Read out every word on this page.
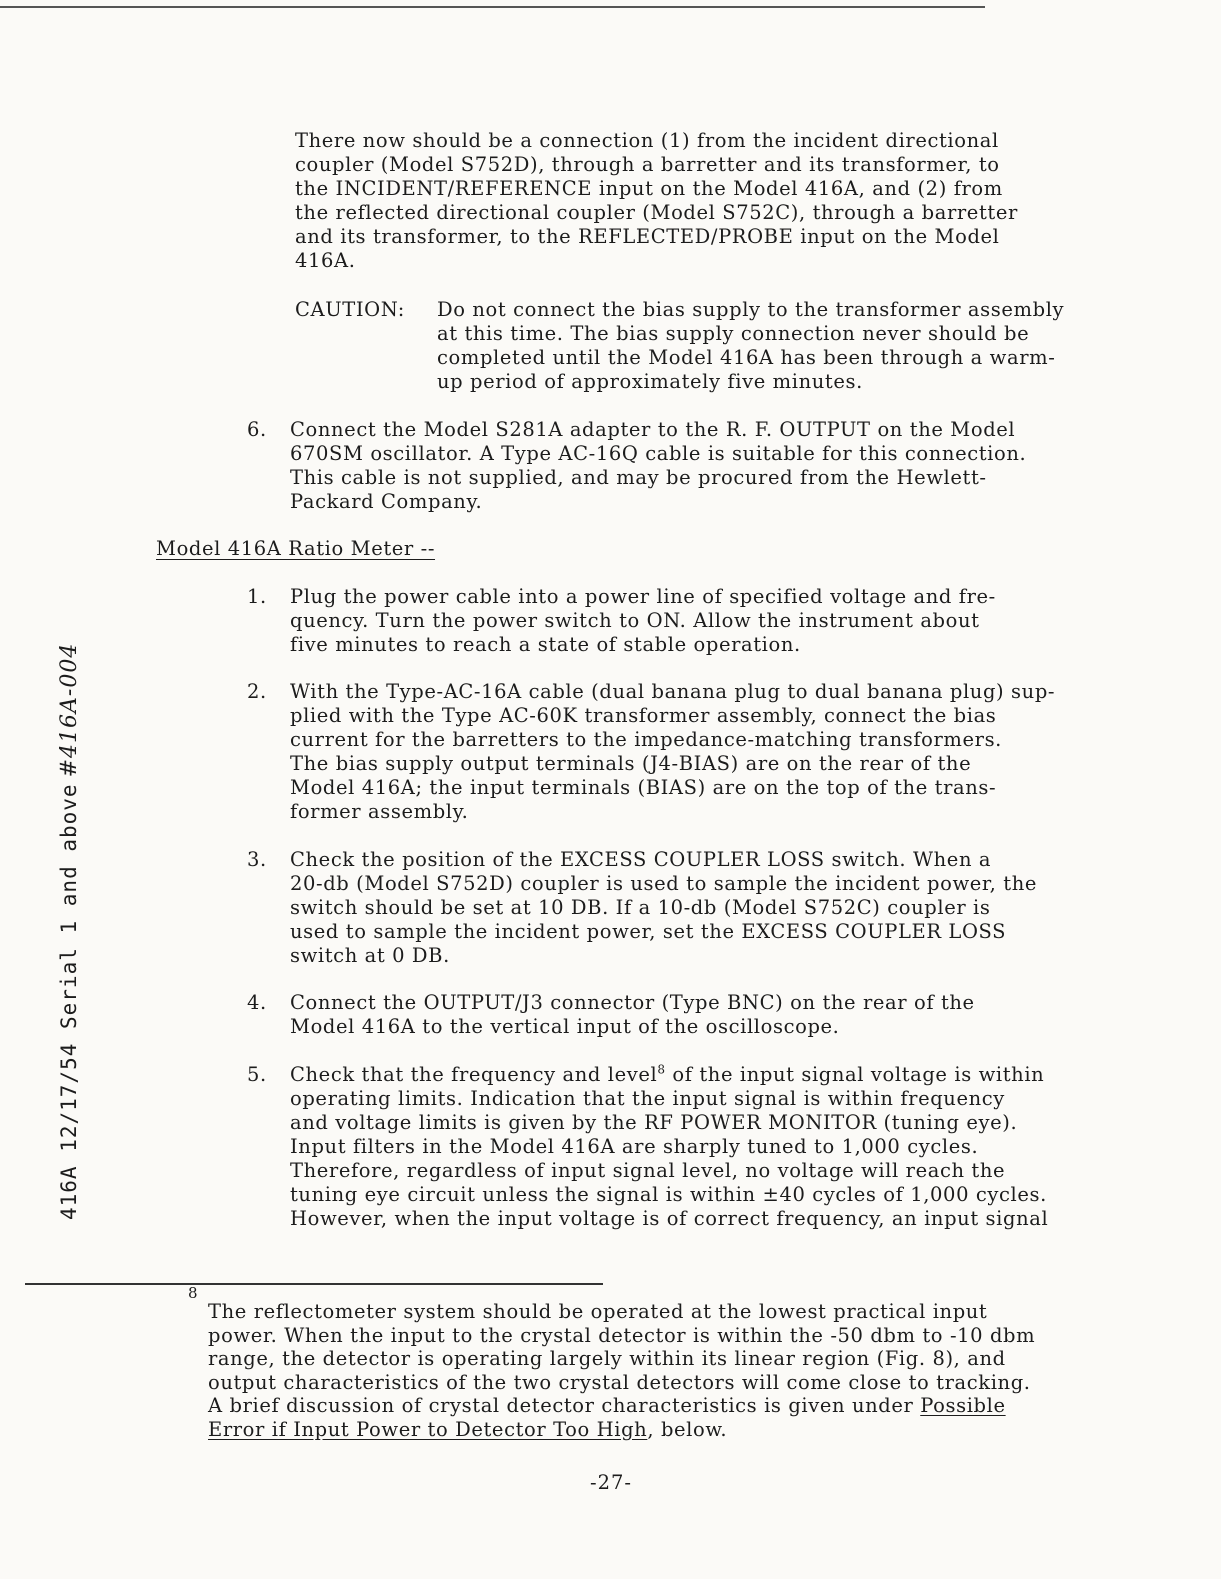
There now should be a connection (1) from the incident directional
coupler (Model S752D), through a barretter and its transformer, to
the INCIDENT/REFERENCE input on the Model 416A, and (2) from
the reflected directional coupler (Model S752C), through a barretter
and its transformer, to the REFLECTED/PROBE input on the Model
416A.
CAUTION: Do not connect the bias supply to the transformer assembly
at this time. The bias supply connection never should be
completed until the Model 416A has been through a warm-
up period of approximately five minutes.
6. Connect the Model S281A adapter to the R. F. OUTPUT on the Model
670SM oscillator. A Type AC-16Q cable is suitable for this connection.
This cable is not supplied, and may be procured from the Hewlett-
Packard Company.
Model 416A Ratio Meter --
1. Plug the power cable into a power line of specified voltage and fre-
quency. Turn the power switch to ON. Allow the instrument about
five minutes to reach a state of stable operation.
2. With the Type-AC-16A cable (dual banana plug to dual banana plug) sup-
plied with the Type AC-60K transformer assembly, connect the bias
current for the barretters to the impedance-matching transformers.
The bias supply output terminals (J4-BIAS) are on the rear of the
Model 416A; the input terminals (BIAS) are on the top of the trans-
former assembly.
3. Check the position of the EXCESS COUPLER LOSS switch. When a
20-db (Model S752D) coupler is used to sample the incident power, the
switch should be set at 10 DB. If a 10-db (Model S752C) coupler is
used to sample the incident power, set the EXCESS COUPLER LOSS
switch at 0 DB.
4. Connect the OUTPUT/J3 connector (Type BNC) on the rear of the
Model 416A to the vertical input of the oscilloscope.
5. Check that the frequency and level$^8$ of the input signal voltage is within
operating limits. Indication that the input signal is within frequency
and voltage limits is given by the RF POWER MONITOR (tuning eye).
Input filters in the Model 416A are sharply tuned to 1,000 cycles.
Therefore, regardless of input signal level, no voltage will reach the
tuning eye circuit unless the signal is within ±40 cycles of 1,000 cycles.
However, when the input voltage is of correct frequency, an input signal
416A 12/17/54 Serial 1 and above#416A-004
8
The reflectometer system should be operated at the lowest practical input
power. When the input to the crystal detector is within the -50 dbm to -10 dbm
range, the detector is operating largely within its linear region (Fig. 8), and
output characteristics of the two crystal detectors will come close to tracking.
A brief discussion of crystal detector characteristics is given under Possible
Error if Input Power to Detector Too High, below.
-27-
